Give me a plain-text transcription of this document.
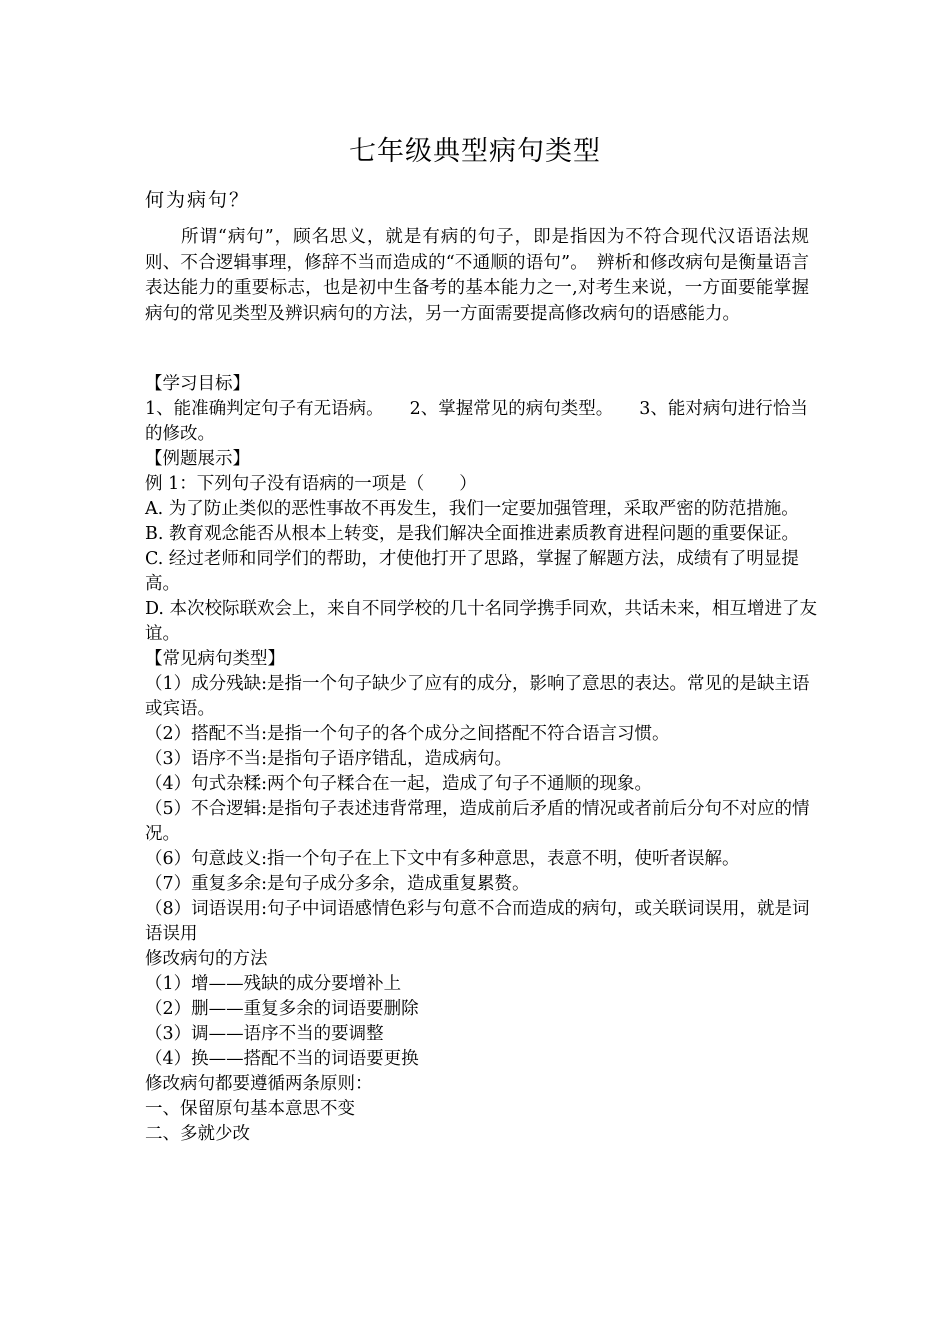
七年级典型病句类型
何为病句？

所谓“病句”，顾名思义，就是有病的句子，即是指因为不符合现代汉语语法规则、不合逻辑事理，修辞不当而造成的“不通顺的语句”。　辨析和修改病句是衡量语言表达能力的重要标志，也是初中生备考的基本能力之一,对考生来说，一方面要能掌握病句的常见类型及辨识病句的方法，另一方面需要提高修改病句的语感能力。

【学习目标】

1、能准确判定句子有无语病。 2、掌握常见的病句类型。 3、能对病句进行恰当的修改。

【例题展示】

例 1：下列句子没有语病的一项是（　　）

A. 为了防止类似的恶性事故不再发生，我们一定要加强管理，采取严密的防范措施。

B. 教育观念能否从根本上转变，是我们解决全面推进素质教育进程问题的重要保证。

C. 经过老师和同学们的帮助，才使他打开了思路，掌握了解题方法，成绩有了明显提高。

D. 本次校际联欢会上，来自不同学校的几十名同学携手同欢，共话未来，相互增进了友谊。

【常见病句类型】

（1）成分残缺:是指一个句子缺少了应有的成分，影响了意思的表达。常见的是缺主语或宾语。

（2）搭配不当:是指一个句子的各个成分之间搭配不符合语言习惯。

（3）语序不当:是指句子语序错乱，造成病句。

（4）句式杂糅:两个句子糅合在一起，造成了句子不通顺的现象。

（5）不合逻辑:是指句子表述违背常理，造成前后矛盾的情况或者前后分句不对应的情况。

（6）句意歧义:指一个句子在上下文中有多种意思，表意不明，使听者误解。

（7）重复多余:是句子成分多余，造成重复累赘。

（8）词语误用:句子中词语感情色彩与句意不合而造成的病句，或关联词误用，就是词语误用

修改病句的方法

（1）增——残缺的成分要增补上

（2）删——重复多余的词语要删除

（3）调——语序不当的要调整

（4）换——搭配不当的词语要更换

修改病句都要遵循两条原则：

一、保留原句基本意思不变

二、多就少改
